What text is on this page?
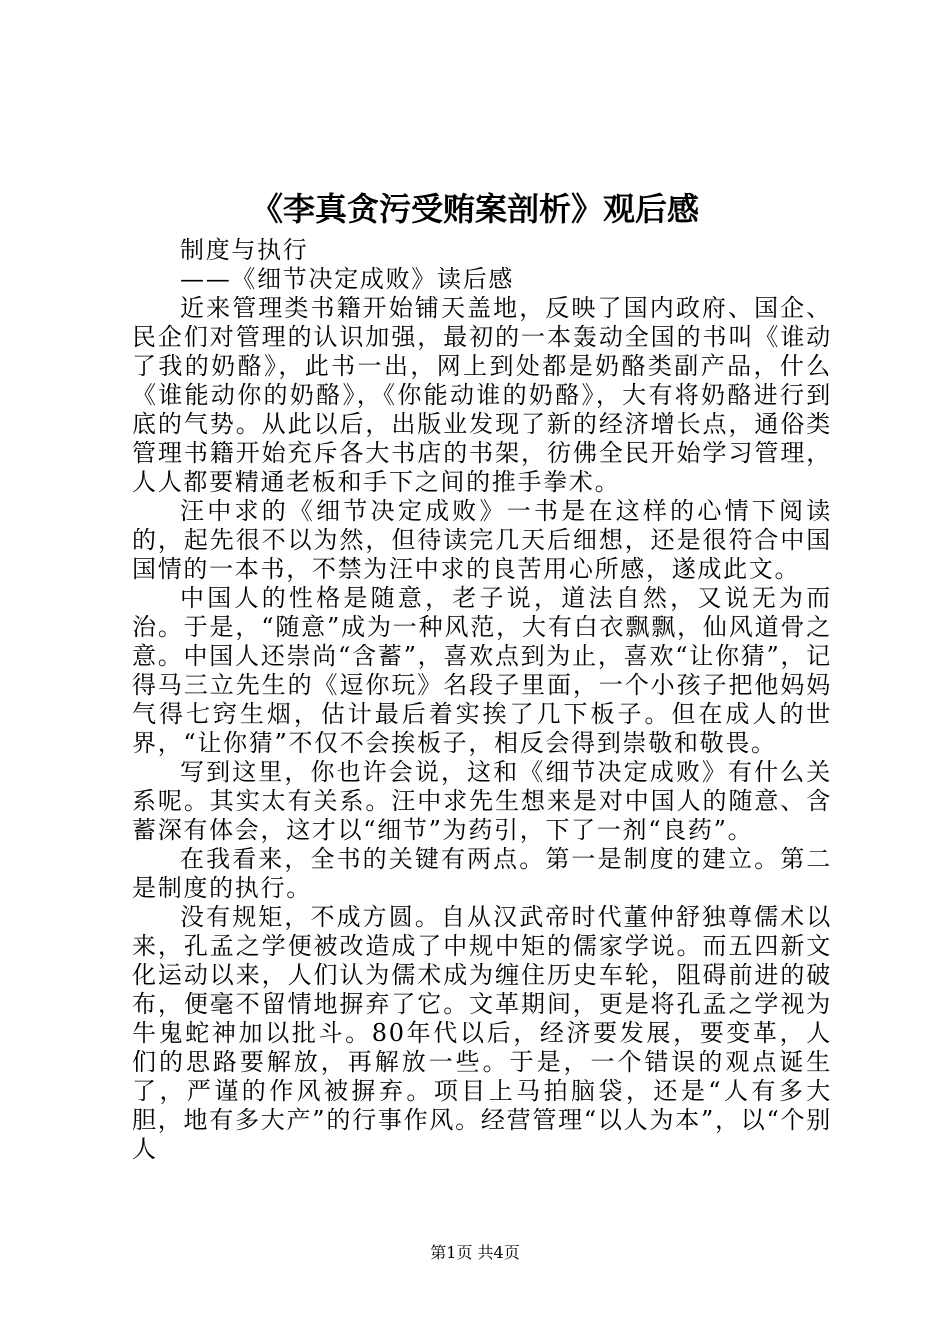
《李真贪污受贿案剖析》观后感

制度与执行

——《细节决定成败》读后感

近来管理类书籍开始铺天盖地，反映了国内政府、国企、民企们对管理的认识加强，最初的一本轰动全国的书叫《谁动了我的奶酪》，此书一出，网上到处都是奶酪类副产品，什么《谁能动你的奶酪》，《你能动谁的奶酪》，大有将奶酪进行到底的气势。从此以后，出版业发现了新的经济增长点，通俗类管理书籍开始充斥各大书店的书架，彷佛全民开始学习管理，人人都要精通老板和手下之间的推手拳术。

汪中求的《细节决定成败》一书是在这样的心情下阅读的，起先很不以为然，但待读完几天后细想，还是很符合中国国情的一本书，不禁为汪中求的良苦用心所感，遂成此文。

中国人的性格是随意，老子说，道法自然，又说无为而治。于是，“随意”成为一种风范，大有白衣飘飘，仙风道骨之意。中国人还崇尚“含蓄”，喜欢点到为止，喜欢“让你猜”，记得马三立先生的《逗你玩》名段子里面，一个小孩子把他妈妈气得七窍生烟，估计最后着实挨了几下板子。但在成人的世界，“让你猜”不仅不会挨板子，相反会得到崇敬和敬畏。

写到这里，你也许会说，这和《细节决定成败》有什么关系呢。其实太有关系。汪中求先生想来是对中国人的随意、含蓄深有体会，这才以“细节”为药引，下了一剂“良药”。

在我看来，全书的关键有两点。第一是制度的建立。第二是制度的执行。

没有规矩，不成方圆。自从汉武帝时代董仲舒独尊儒术以来，孔孟之学便被改造成了中规中矩的儒家学说。而五四新文化运动以来，人们认为儒术成为缠住历史车轮，阻碍前进的破布，便毫不留情地摒弃了它。文革期间，更是将孔孟之学视为牛鬼蛇神加以批斗。80年代以后，经济要发展，要变革，人们的思路要解放，再解放一些。于是，一个错误的观点诞生了，严谨的作风被摒弃。项目上马拍脑袋，还是“人有多大胆，地有多大产”的行事作风。经营管理“以人为本”，以“个别人

第1页 共4页
